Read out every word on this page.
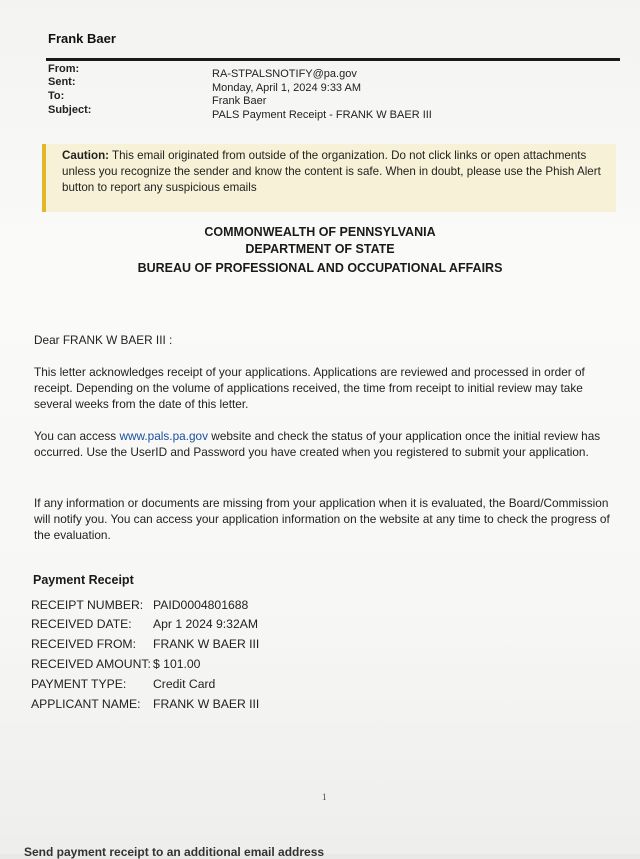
Frank Baer
From:
Sent:
To:
Subject:
RA-STPALSNOTIFY@pa.gov
Monday, April 1, 2024 9:33 AM
Frank Baer
PALS Payment Receipt - FRANK W BAER III
Caution: This email originated from outside of the organization. Do not click links or open attachments unless you recognize the sender and know the content is safe. When in doubt, please use the Phish Alert button to report any suspicious emails
COMMONWEALTH OF PENNSYLVANIA
DEPARTMENT OF STATE
BUREAU OF PROFESSIONAL AND OCCUPATIONAL AFFAIRS
Dear FRANK W BAER III :
This letter acknowledges receipt of your applications. Applications are reviewed and processed in order of receipt. Depending on the volume of applications received, the time from receipt to initial review may take several weeks from the date of this letter.
You can access www.pals.pa.gov website and check the status of your application once the initial review has occurred. Use the UserID and Password you have created when you registered to submit your application.
If any information or documents are missing from your application when it is evaluated, the Board/Commission will notify you. You can access your application information on the website at any time to check the progress of the evaluation.
Payment Receipt
RECEIPT NUMBER: PAID0004801688
RECEIVED DATE: Apr 1 2024 9:32AM
RECEIVED FROM: FRANK W BAER III
RECEIVED AMOUNT: $ 101.00
PAYMENT TYPE: Credit Card
APPLICANT NAME: FRANK W BAER III
1
Send payment receipt to an additional email address
